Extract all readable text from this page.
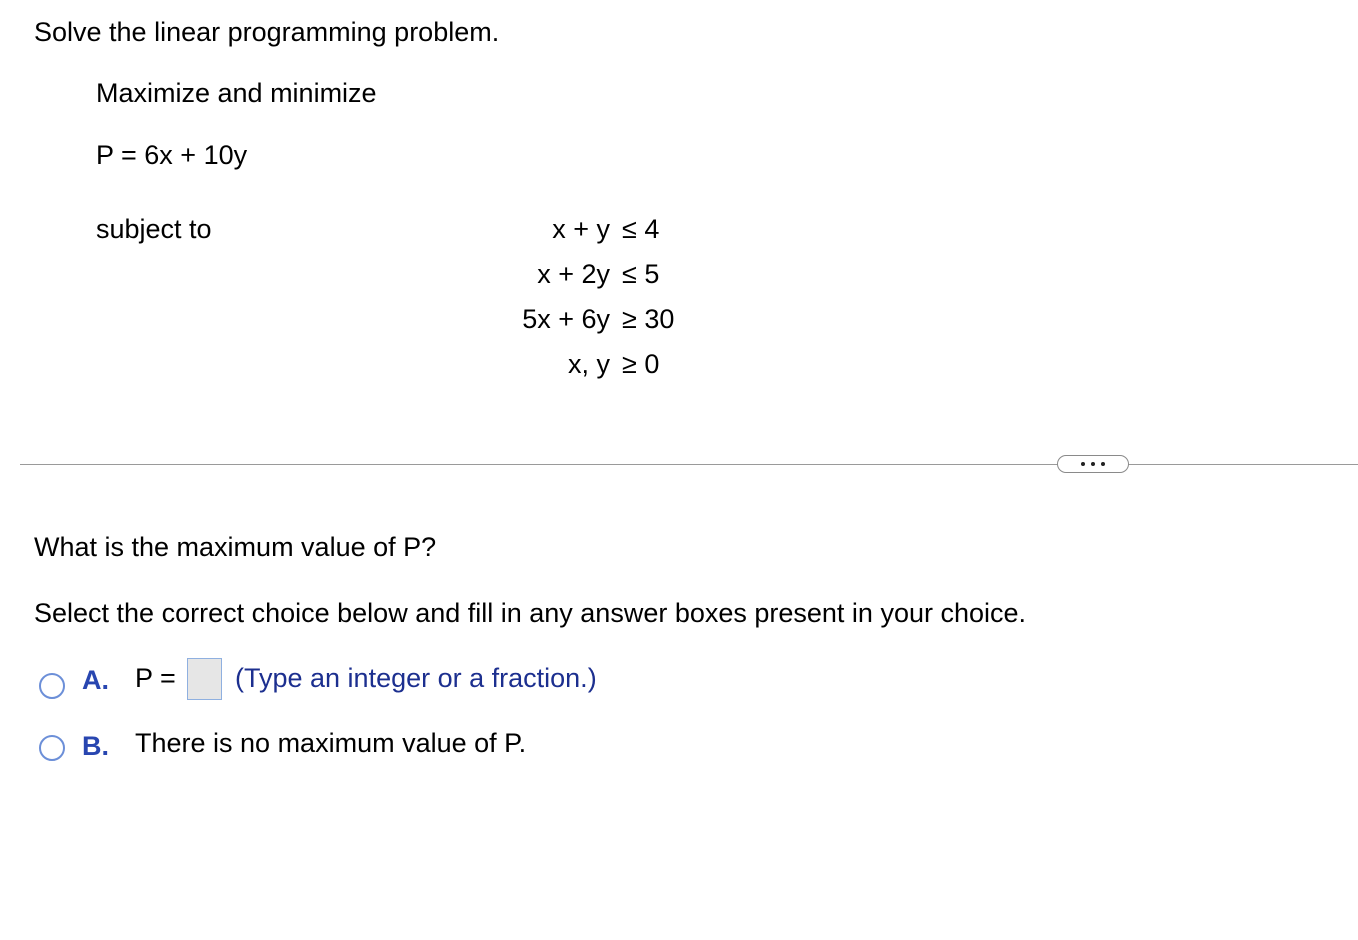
Solve the linear programming problem.
Maximize and minimize
P = 6x + 10y
subject to	x + y ≤ 4
x + 2y ≤ 5
5x + 6y ≥ 30
x, y ≥ 0
What is the maximum value of P?
Select the correct choice below and fill in any answer boxes present in your choice.
A. P = (Type an integer or a fraction.)
B. There is no maximum value of P.
